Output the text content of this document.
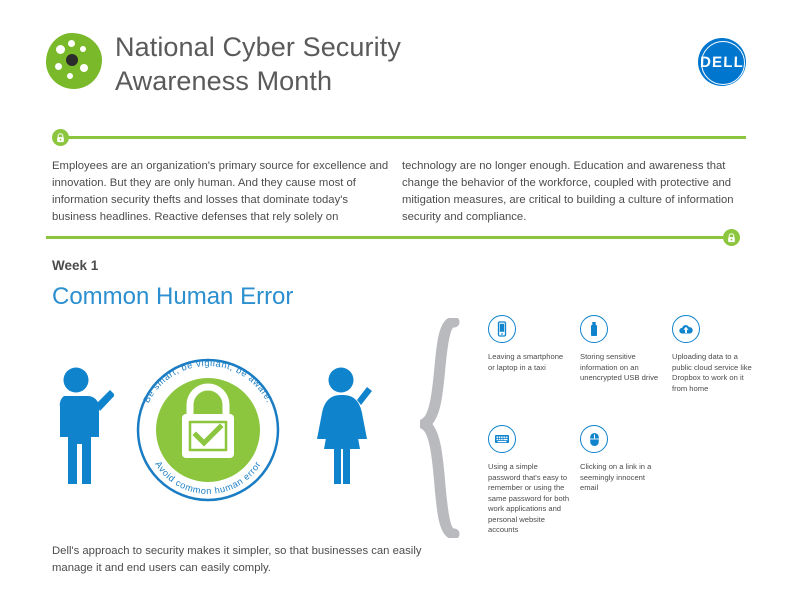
National Cyber Security
Awareness Month
DELL
Employees are an organization's primary source for excellence and innovation. But they are only human. And they cause most of information security thefts and losses that dominate today's business headlines. Reactive defenses that rely solely on
technology are no longer enough. Education and awareness that change the behavior of the workforce, coupled with protective and mitigation measures, are critical to building a culture of information security and compliance.
Week 1
Common Human Error
Be smart, be vigilant, be aware.
Avoid common human error
Leaving a smartphone or laptop in a taxi
Storing sensitive information on an unencrypted USB drive
Uploading data to a public cloud service like Dropbox to work on it from home
Using a simple password that's easy to remember or using the same password for both work applications and personal website accounts
Clicking on a link in a seemingly innocent email
Dell's approach to security makes it simpler, so that businesses can easily manage it and end users can easily comply.
